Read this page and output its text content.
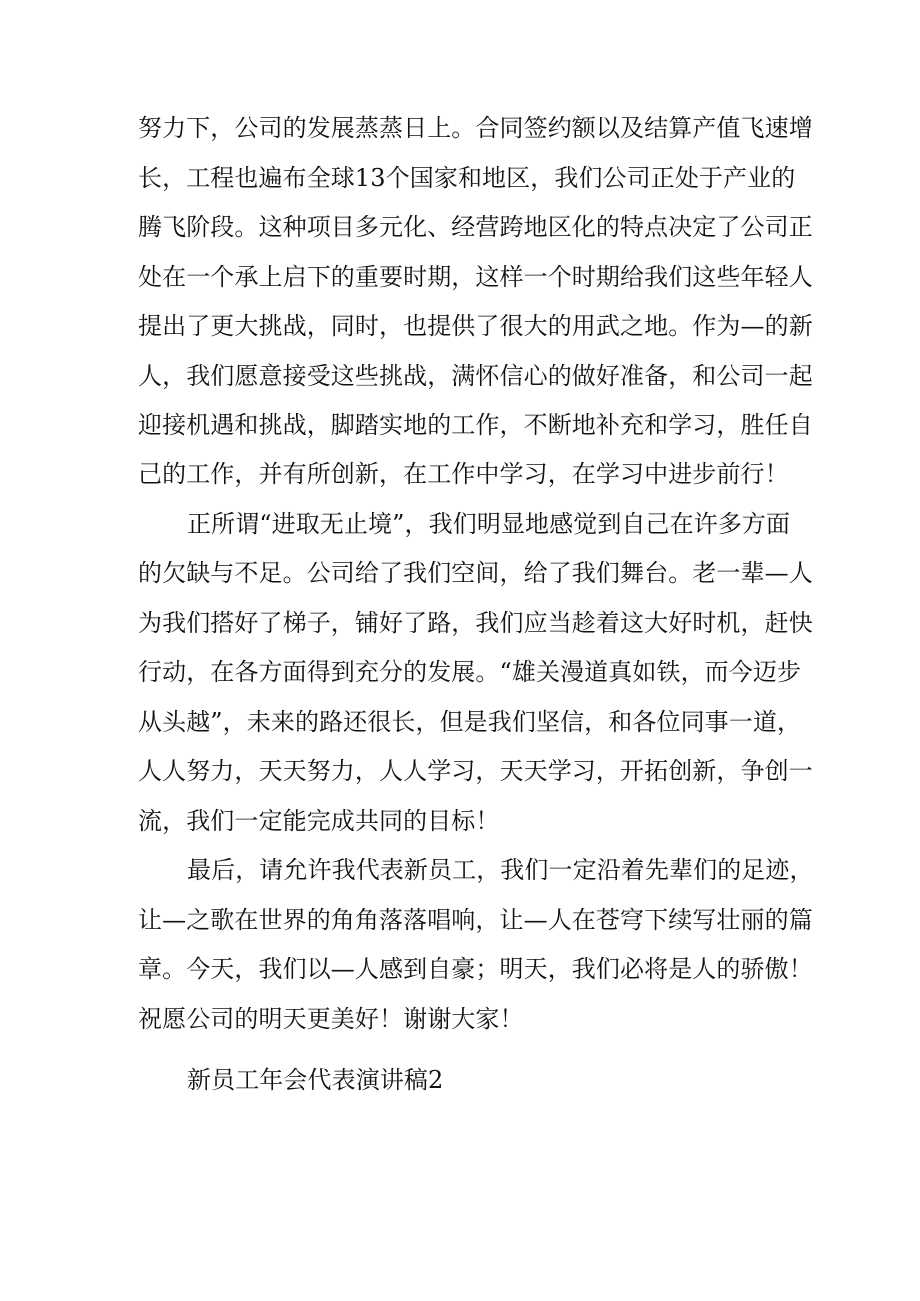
努力下，公司的发展蒸蒸日上。合同签约额以及结算产值飞速增
长，工程也遍布全球13个国家和地区，我们公司正处于产业的
腾飞阶段。这种项目多元化、经营跨地区化的特点决定了公司正
处在一个承上启下的重要时期，这样一个时期给我们这些年轻人
提出了更大挑战，同时，也提供了很大的用武之地。作为—的新
人，我们愿意接受这些挑战，满怀信心的做好准备，和公司一起
迎接机遇和挑战，脚踏实地的工作，不断地补充和学习，胜任自
己的工作，并有所创新，在工作中学习，在学习中进步前行！
正所谓“进取无止境”，我们明显地感觉到自己在许多方面
的欠缺与不足。公司给了我们空间，给了我们舞台。老一辈—人
为我们搭好了梯子，铺好了路，我们应当趁着这大好时机，赶快
行动，在各方面得到充分的发展。“雄关漫道真如铁，而今迈步
从头越”，未来的路还很长，但是我们坚信，和各位同事一道，
人人努力，天天努力，人人学习，天天学习，开拓创新，争创一
流，我们一定能完成共同的目标！
最后，请允许我代表新员工，我们一定沿着先辈们的足迹，
让—之歌在世界的角角落落唱响，让—人在苍穹下续写壮丽的篇
章。今天，我们以—人感到自豪；明天，我们必将是人的骄傲！
祝愿公司的明天更美好！谢谢大家！
新员工年会代表演讲稿2
